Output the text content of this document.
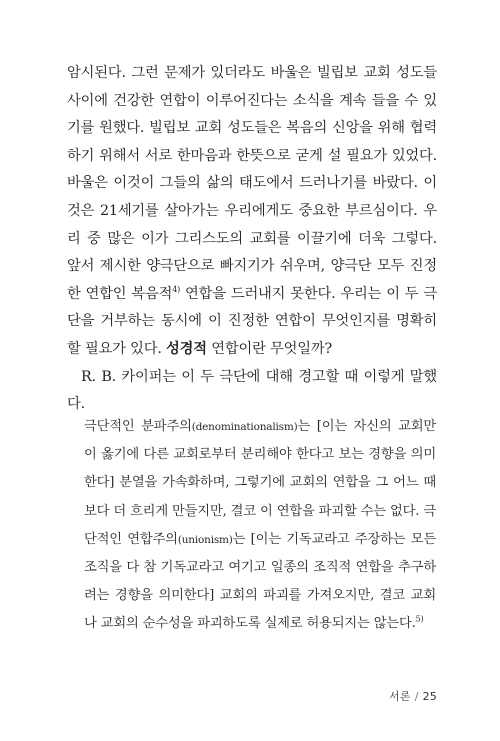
암시된다. 그런 문제가 있더라도 바울은 빌립보 교회 성도들 사이에 건강한 연합이 이루어진다는 소식을 계속 들을 수 있기를 원했다. 빌립보 교회 성도들은 복음의 신앙을 위해 협력하기 위해서 서로 한마음과 한뜻으로 굳게 설 필요가 있었다. 바울은 이것이 그들의 삶의 태도에서 드러나기를 바랐다. 이것은 21세기를 살아가는 우리에게도 중요한 부르심이다. 우리 중 많은 이가 그리스도의 교회를 이끌기에 더욱 그렇다. 앞서 제시한 양극단으로 빠지기가 쉬우며, 양극단 모두 진정한 연합인 복음적$^{4)}$ 연합을 드러내지 못한다. 우리는 이 두 극단을 거부하는 동시에 이 진정한 연합이 무엇인지를 명확히 할 필요가 있다. 성경적 연합이란 무엇일까?

R. B. 카이퍼는 이 두 극단에 대해 경고할 때 이렇게 말했다.

극단적인 분파주의(denominationalism)는 [이는 자신의 교회만이 옳기에 다른 교회로부터 분리해야 한다고 보는 경향을 의미한다] 분열을 가속화하며, 그렇기에 교회의 연합을 그 어느 때보다 더 흐리게 만들지만, 결코 이 연합을 파괴할 수는 없다. 극단적인 연합주의(unionism)는 [이는 기독교라고 주장하는 모든 조직을 다 참 기독교라고 여기고 일종의 조직적 연합을 추구하려는 경향을 의미한다] 교회의 파괴를 가져오지만, 결코 교회나 교회의 순수성을 파괴하도록 실제로 허용되지는 않는다.$^{5)}$

서론 / 25
